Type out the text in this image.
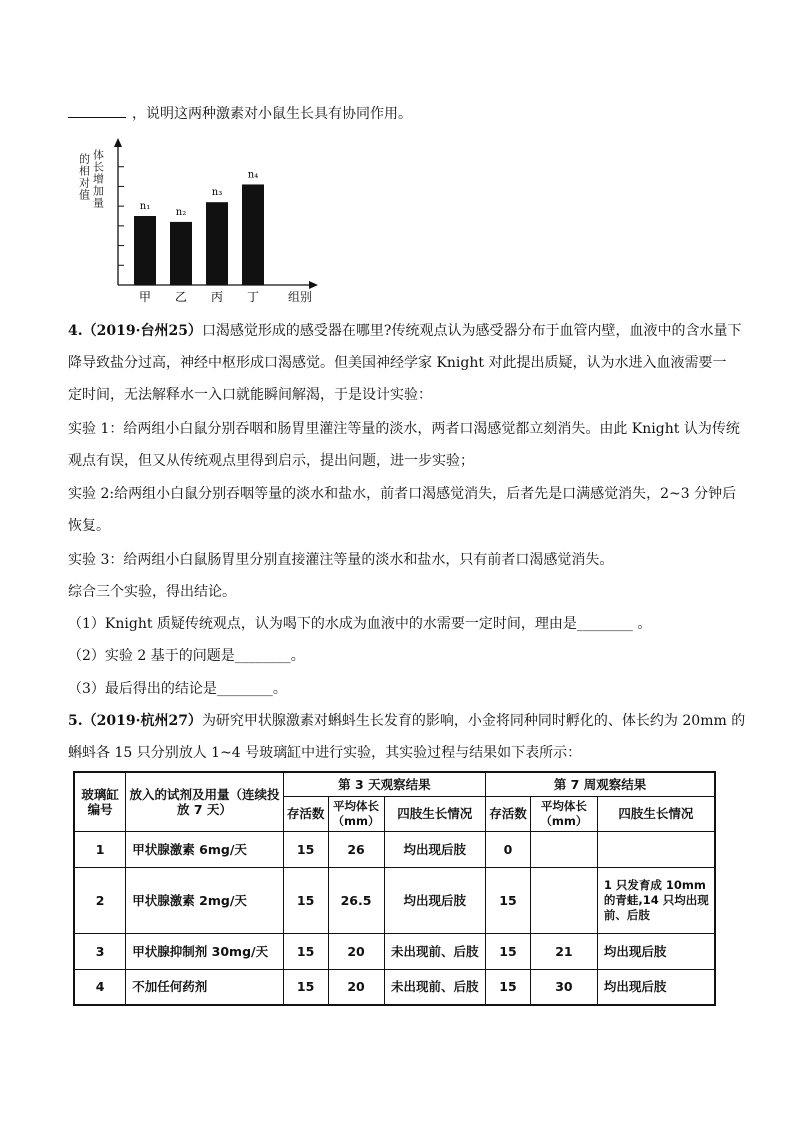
，说明这两种激素对小鼠生长具有协同作用。
体长增加量
的相对值
n₁
n₂
n₃
n₄
甲 乙 丙 丁 组别
4.（2019·台州25）口渴感觉形成的感受器在哪里?传统观点认为感受器分布于血管内壁，血液中的含水量下
降导致盐分过高，神经中枢形成口渴感觉。但美国神经学家 Knight 对此提出质疑，认为水进入血液需要一
定时间，无法解释水一入口就能瞬间解渴，于是设计实验：
实验 1：给两组小白鼠分别吞咽和肠胃里灌注等量的淡水，两者口渴感觉都立刻消失。由此 Knight 认为传统
观点有误，但又从传统观点里得到启示，提出问题，进一步实验；
实验 2:给两组小白鼠分别吞咽等量的淡水和盐水，前者口渴感觉消失，后者先是口满感觉消失，2~3 分钟后
恢复。
实验 3：给两组小白鼠肠胃里分别直接灌注等量的淡水和盐水，只有前者口渴感觉消失。
综合三个实验，得出结论。
（1）Knight 质疑传统观点，认为喝下的水成为血液中的水需要一定时间，理由是________ 。
（2）实验 2 基于的问题是________。
（3）最后得出的结论是________。
5.（2019·杭州27）为研究甲状腺激素对蝌蚪生长发育的影响，小金将同种同时孵化的、体长约为 20mm 的
蝌蚪各 15 只分别放人 1~4 号玻璃缸中进行实验，其实验过程与结果如下表所示：
玻璃缸编号	放入的试剂及用量（连续投放 7 天）	第 3 天观察结果			第 7 周观察结果		
		存活数	平均体长（mm）	四肢生长情况	存活数	平均体长（mm）	四肢生长情况
1	甲状腺激素 6mg/天	15	26	均出现后肢	0		
2	甲状腺激素 2mg/天	15	26.5	均出现后肢	15		1 只发育成 10mm 的青蛙,14 只均出现前、后肢
3	甲状腺抑制剂 30mg/天	15	20	未出现前、后肢	15	21	均出现后肢
4	不加任何药剂	15	20	未出现前、后肢	15	30	均出现后肢
